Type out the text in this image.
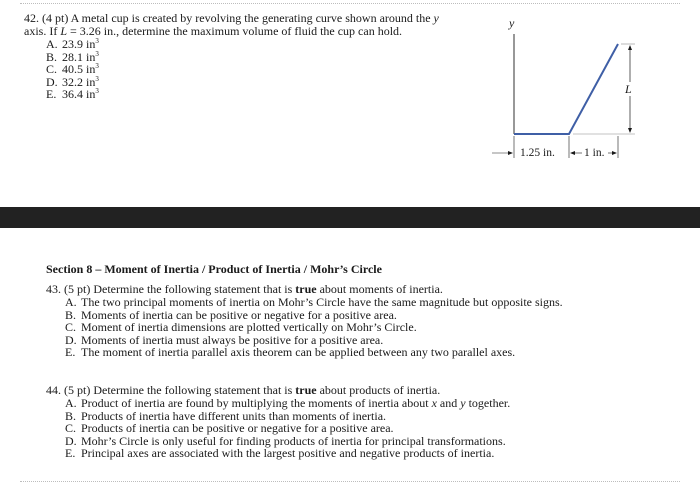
42. (4 pt) A metal cup is created by revolving the generating curve shown around the y
axis. If L = 3.26 in., determine the maximum volume of fluid the cup can hold.
A. 23.9 $in^3$
B. 28.1 $in^3$
C. 40.5 $in^3$
D. 32.2 $in^3$
E. 36.4 $in^3$
y
L
1.25 in.	1 in.
Section 8 – Moment of Inertia / Product of Inertia / Mohr’s Circle
43. (5 pt) Determine the following statement that is true about moments of inertia.
A. The two principal moments of inertia on Mohr’s Circle have the same magnitude but opposite signs.
B. Moments of inertia can be positive or negative for a positive area.
C. Moment of inertia dimensions are plotted vertically on Mohr’s Circle.
D. Moments of inertia must always be positive for a positive area.
E. The moment of inertia parallel axis theorem can be applied between any two parallel axes.
44. (5 pt) Determine the following statement that is true about products of inertia.
A. Product of inertia are found by multiplying the moments of inertia about x and y together.
B. Products of inertia have different units than moments of inertia.
C. Products of inertia can be positive or negative for a positive area.
D. Mohr’s Circle is only useful for finding products of inertia for principal transformations.
E. Principal axes are associated with the largest positive and negative products of inertia.
